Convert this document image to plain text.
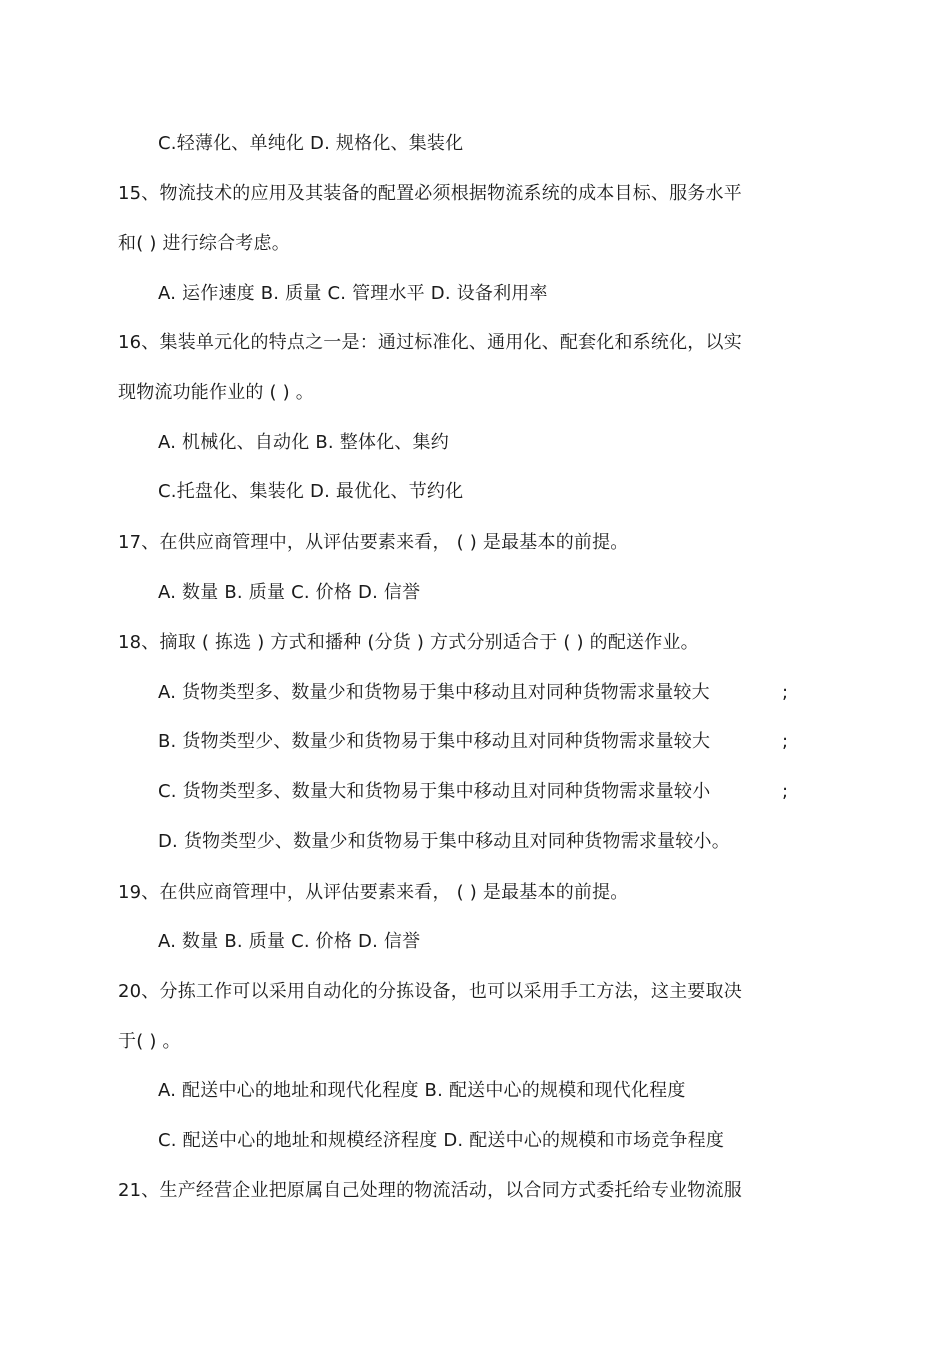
C.轻薄化、单纯化 D. 规格化、集装化
15、物流技术的应用及其装备的配置必须根据物流系统的成本目标、服务水平
和( ) 进行综合考虑。
A. 运作速度 B. 质量 C. 管理水平 D. 设备利用率
16、集装单元化的特点之一是：通过标准化、通用化、配套化和系统化，以实
现物流功能作业的 ( ) 。
A. 机械化、自动化 B. 整体化、集约
C.托盘化、集装化 D. 最优化、节约化
17、在供应商管理中，从评估要素来看， ( ) 是最基本的前提。
A. 数量 B. 质量 C. 价格 D. 信誉
18、摘取 ( 拣选 ) 方式和播种 (分货 ) 方式分别适合于 ( ) 的配送作业。
A. 货物类型多、数量少和货物易于集中移动且对同种货物需求量较大	;
B. 货物类型少、数量少和货物易于集中移动且对同种货物需求量较大	;
C. 货物类型多、数量大和货物易于集中移动且对同种货物需求量较小	;
D. 货物类型少、数量少和货物易于集中移动且对同种货物需求量较小。
19、在供应商管理中，从评估要素来看， ( ) 是最基本的前提。
A. 数量 B. 质量 C. 价格 D. 信誉
20、分拣工作可以采用自动化的分拣设备，也可以采用手工方法，这主要取决
于( ) 。
A. 配送中心的地址和现代化程度 B. 配送中心的规模和现代化程度
C. 配送中心的地址和规模经济程度 D. 配送中心的规模和市场竞争程度
21、生产经营企业把原属自己处理的物流活动，以合同方式委托给专业物流服
